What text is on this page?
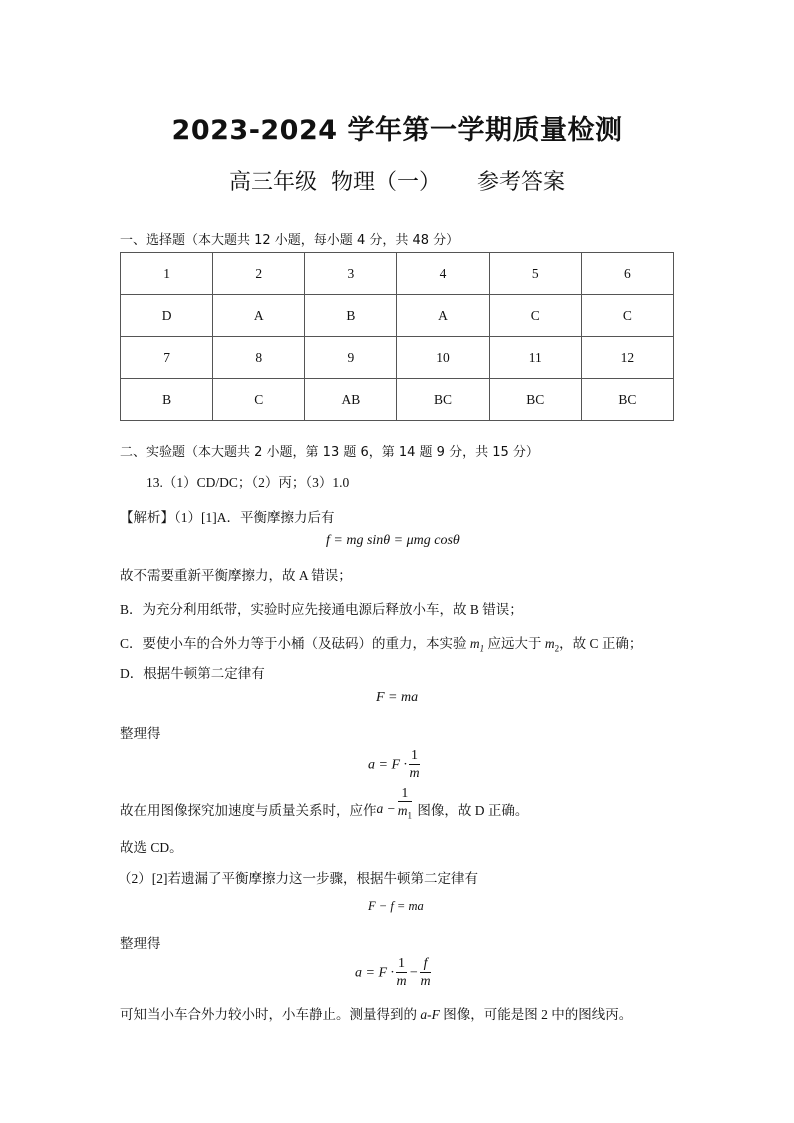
2023-2024 学年第一学期质量检测
高三年级  物理（一） 参考答案
一、选择题（本大题共 12 小题，每小题 4 分，共 48 分）
1	2	3	4	5	6
D	A	B	A	C	C
7	8	9	10	11	12
B	C	AB	BC	BC	BC
二、实验题（本大题共 2 小题，第 13 题 6，第 14 题 9 分，共 15 分）
13.（1）CD/DC；（2）丙；（3）1.0
【解析】（1）[1]A．平衡摩擦力后有
f = mg sinθ = μmg cosθ
故不需要重新平衡摩擦力，故 A 错误；
B．为充分利用纸带，实验时应先接通电源后释放小车，故 B 错误；
C．要使小车的合外力等于小桶（及砝码）的重力，本实验 $m_1$ 应远大于 $m_2$，故 C 正确；
D．根据牛顿第二定律有
F = ma
整理得
$a = F \cdot \frac{1}{m}$
故在用图像探究加速度与质量关系时，应作$a - \frac{1}{m_1}$ 图像，故 D 正确。
故选 CD。
（2）[2]若遗漏了平衡摩擦力这一步骤，根据牛顿第二定律有
F − f = ma
整理得
$a = F \cdot \frac{1}{m} - \frac{f}{m}$
可知当小车合外力较小时，小车静止。测量得到的 a-F 图像，可能是图 2 中的图线丙。
